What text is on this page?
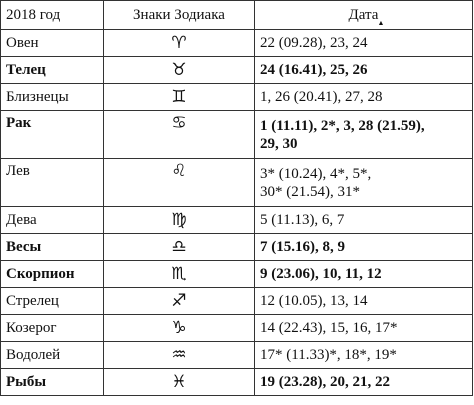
2018 год	Знаки Зодиака	Дата ▲

Овен	♈︎	22 (09.28), 23, 24
Телец	♉︎	24 (16.41), 25, 26
Близнецы	♊︎	1, 26 (20.41), 27, 28
Рак	♋︎	1 (11.11), 2*, 3, 28 (21.59),
29, 30

Лев	♌︎	3* (10.24), 4*, 5*,
30* (21.54), 31*

Дева	♍︎	5 (11.13), 6, 7
Весы	♎︎	7 (15.16), 8, 9
Скорпион	♏︎	9 (23.06), 10, 11, 12
Стрелец	♐︎	12 (10.05), 13, 14
Козерог	♑︎	14 (22.43), 15, 16, 17*
Водолей	♒︎	17* (11.33)*, 18*, 19*
Рыбы	♓︎	19 (23.28), 20, 21, 22
